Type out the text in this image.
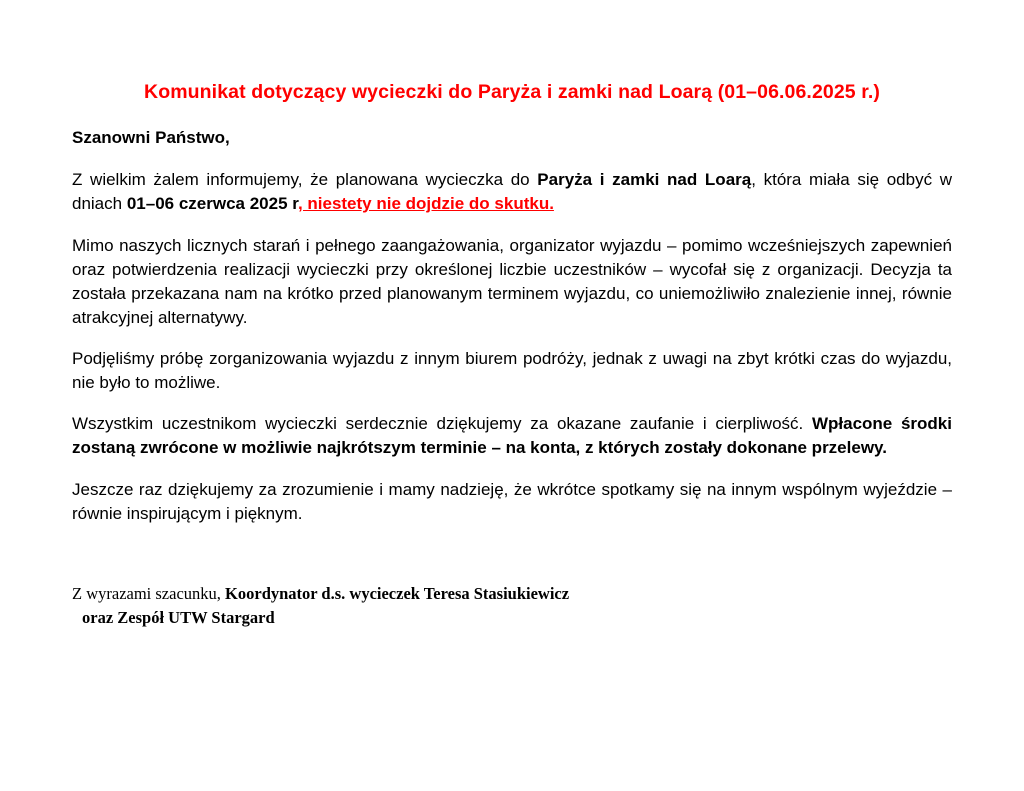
Komunikat dotyczący wycieczki do Paryża i zamki nad Loarą (01–06.06.2025 r.)

Szanowni Państwo,

Z wielkim żalem informujemy, że planowana wycieczka do Paryża i zamki nad Loarą, która miała się odbyć w dniach 01–06 czerwca 2025 r, niestety nie dojdzie do skutku.

Mimo naszych licznych starań i pełnego zaangażowania, organizator wyjazdu – pomimo wcześniejszych zapewnień oraz potwierdzenia realizacji wycieczki przy określonej liczbie uczestników – wycofał się z organizacji. Decyzja ta została przekazana nam na krótko przed planowanym terminem wyjazdu, co uniemożliwiło znalezienie innej, równie atrakcyjnej alternatywy.

Podjęliśmy próbę zorganizowania wyjazdu z innym biurem podróży, jednak z uwagi na zbyt krótki czas do wyjazdu, nie było to możliwe.

Wszystkim uczestnikom wycieczki serdecznie dziękujemy za okazane zaufanie i cierpliwość. Wpłacone środki zostaną zwrócone w możliwie najkrótszym terminie – na konta, z których zostały dokonane przelewy.

Jeszcze raz dziękujemy za zrozumienie i mamy nadzieję, że wkrótce spotkamy się na innym wspólnym wyjeździe – równie inspirującym i pięknym.

Z wyrazami szacunku, Koordynator d.s. wycieczek Teresa Stasiukiewicz
oraz Zespół UTW Stargard
